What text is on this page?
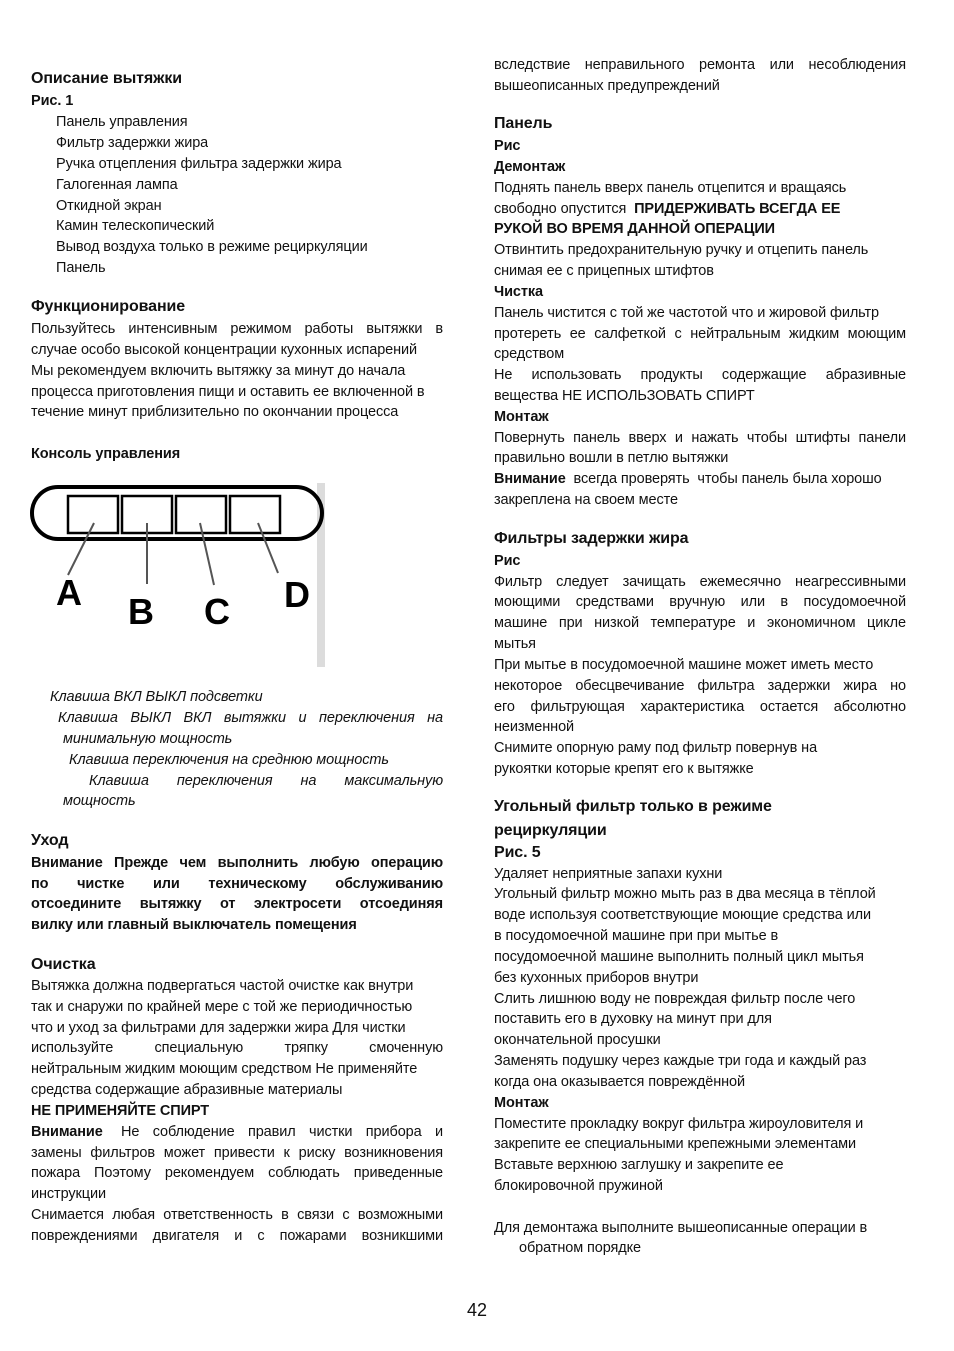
Описание вытяжки
Рис. 1
Панель управления
Фильтр задержки жира
Ручка отцепления фильтра задержки жира
Галогенная лампа
Откидной экран
Камин телескопический
Вывод воздуха только в режиме рециркуляции
Панель
Функционирование
Пользуйтесь интенсивным режимом работы вытяжки в
случае особо высокой концентрации кухонных испарений
Мы рекомендуем включить вытяжку за минут до начала
процесса приготовления пищи и оставить ее включенной в
течение минут приблизительно по окончании процесса
Консоль управления
Клавиша ВКЛ ВЫКЛ подсветки
Клавиша ВЫКЛ ВКЛ вытяжки и переключения на
минимальную мощность
Клавиша переключения на среднюю мощность
Клавиша переключения на максимальную
мощность
Уход
Внимание Прежде чем выполнить любую операцию
по чистке или техническому обслуживанию
отсоедините вытяжку от электросети отсоединяя
вилку или главный выключатель помещения
Очистка
Вытяжка должна подвергаться частой очистке как внутри
так и снаружи по крайней мере с той же периодичностью
что и уход за фильтрами для задержки жира Для чистки
используйте специальную тряпку смоченную
нейтральным жидким моющим средством Не применяйте
средства содержащие абразивные материалы
НЕ ПРИМЕНЯЙТЕ СПИРТ
Внимание	Не соблюдение правил чистки прибора и
замены фильтров может привести к риску возникновения
пожара Поэтому рекомендуем соблюдать приведенные
инструкции
Снимается любая ответственность в связи с возможными
повреждениями двигателя и с пожарами возникшими
A B C D
вследствие неправильного ремонта или несоблюдения
вышеописанных предупреждений
Панель
Рис
Демонтаж
Поднять панель вверх панель отцепится и вращаясь
свободно опустится  ПРИДЕРЖИВАТЬ ВСЕГДА ЕЕ
РУКОЙ ВО ВРЕМЯ ДАННОЙ ОПЕРАЦИИ
Отвинтить предохранительную ручку и отцепить панель
снимая ее с прицепных штифтов
Чистка
Панель чистится с той же частотой что и жировой фильтр
протереть ее салфеткой с нейтральным жидким моющим
средством
Не использовать продукты содержащие абразивные
вещества НЕ ИСПОЛЬЗОВАТЬ СПИРТ
Монтаж
Повернуть панель вверх и нажать чтобы штифты панели
правильно вошли в петлю вытяжки
Внимание  всегда проверять  чтобы панель была хорошо
закреплена на своем месте
Фильтры задержки жира
Рис
Фильтр следует зачищать ежемесячно неагрессивными
моющими средствами вручную или в посудомоечной
машине при низкой температуре и экономичном цикле
мытья
При мытье в посудомоечной машине может иметь место
некоторое обесцвечивание фильтра задержки жира но
его фильтрующая характеристика остается абсолютно
неизменной
Снимите опорную раму под фильтр повернув на
рукоятки которые крепят его к вытяжке
Угольный фильтр только в режиме
рециркуляции
Рис. 5
Удаляет неприятные запахи кухни
Угольный фильтр можно мыть раз в два месяца в тёплой
воде используя соответствующие моющие средства или
в посудомоечной машине при при мытье в
посудомоечной машине выполнить полный цикл мытья
без кухонных приборов внутри
Слить лишнюю воду не повреждая фильтр после чего
поставить его в духовку на минут при для
окончательной просушки
Заменять подушку через каждые три года и каждый раз
когда она оказывается повреждённой
Монтаж
Поместите прокладку вокруг фильтра жироуловителя и
закрепите ее специальными крепежными элементами
Вставьте верхнюю заглушку и закрепите ее
блокировочной пружиной
Для демонтажа выполните вышеописанные операции в
обратном порядке
42
